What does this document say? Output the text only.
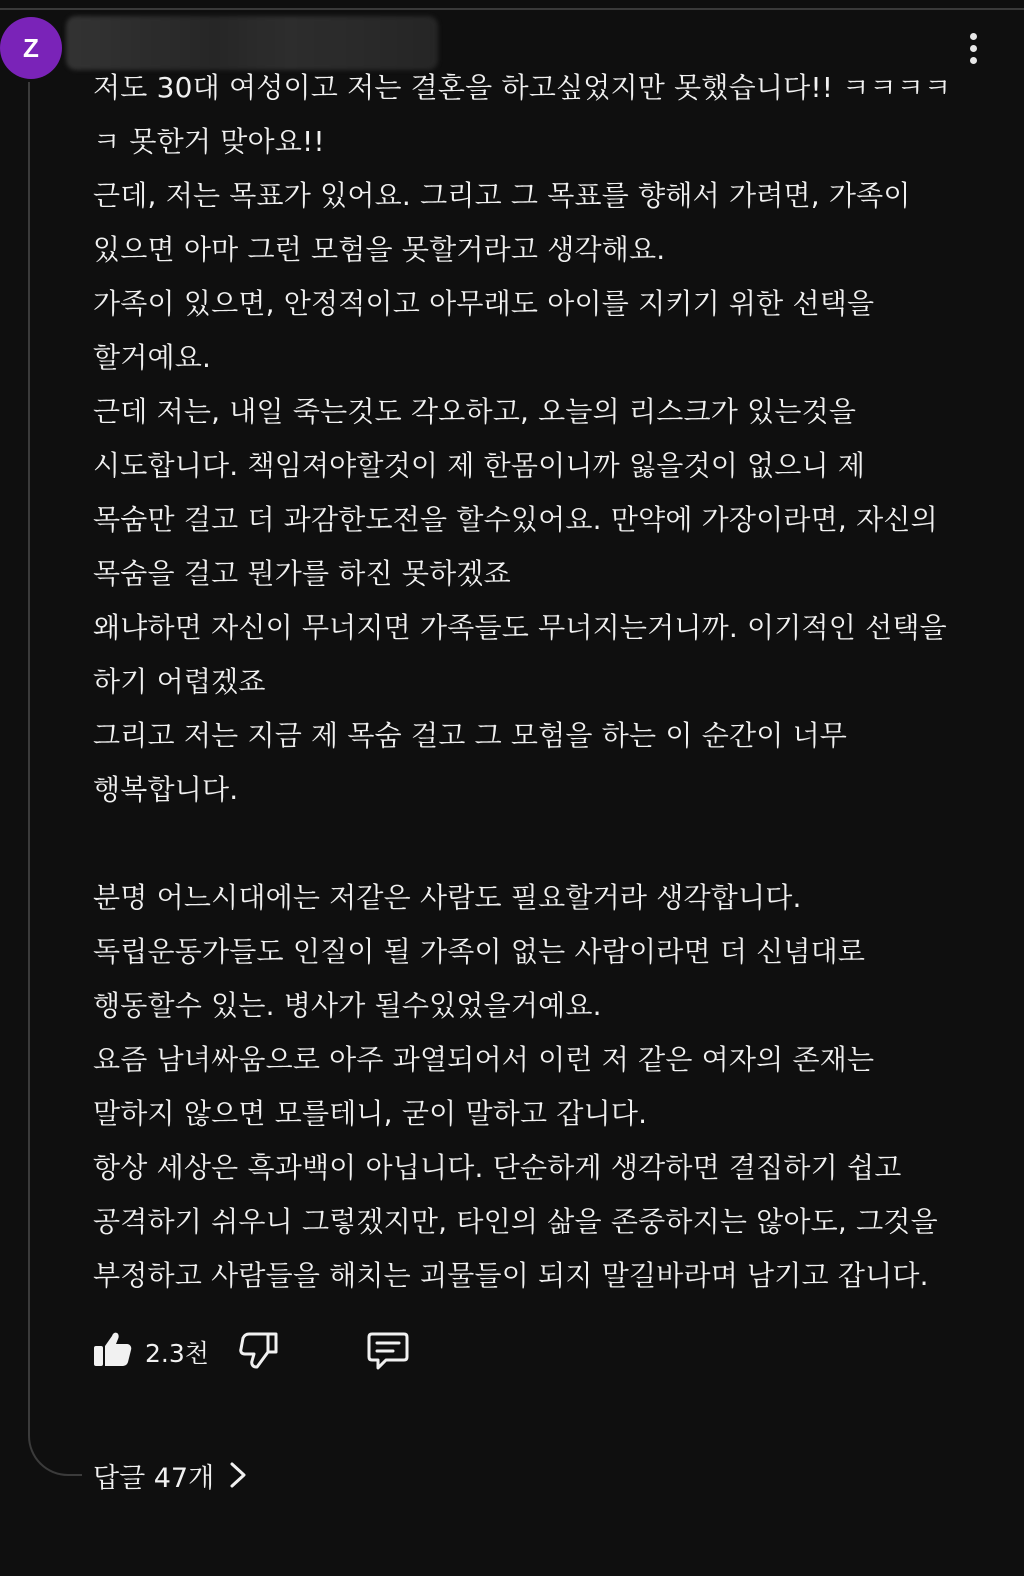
Z
저도 30대 여성이고 저는 결혼을 하고싶었지만 못했습니다!! ㅋㅋㅋㅋ
ㅋ 못한거 맞아요!!
근데, 저는 목표가 있어요. 그리고 그 목표를 향해서 가려면, 가족이
있으면 아마 그런 모험을 못할거라고 생각해요.
가족이 있으면, 안정적이고 아무래도 아이를 지키기 위한 선택을
할거예요.
근데 저는, 내일 죽는것도 각오하고, 오늘의 리스크가 있는것을
시도합니다. 책임져야할것이 제 한몸이니까 잃을것이 없으니 제
목숨만 걸고 더 과감한도전을 할수있어요. 만약에 가장이라면, 자신의
목숨을 걸고 뭔가를 하진 못하겠죠
왜냐하면 자신이 무너지면 가족들도 무너지는거니까. 이기적인 선택을
하기 어렵겠죠
그리고 저는 지금 제 목숨 걸고 그 모험을 하는 이 순간이 너무
행복합니다.
분명 어느시대에는 저같은 사람도 필요할거라 생각합니다.
독립운동가들도 인질이 될 가족이 없는 사람이라면 더 신념대로
행동할수 있는. 병사가 될수있었을거예요.
요즘 남녀싸움으로 아주 과열되어서 이런 저 같은 여자의 존재는
말하지 않으면 모를테니, 굳이 말하고 갑니다.
항상 세상은 흑과백이 아닙니다. 단순하게 생각하면 결집하기 쉽고
공격하기 쉬우니 그렇겠지만, 타인의 삶을 존중하지는 않아도, 그것을
부정하고 사람들을 해치는 괴물들이 되지 말길바라며 남기고 갑니다.
2.3천
답글 47개
